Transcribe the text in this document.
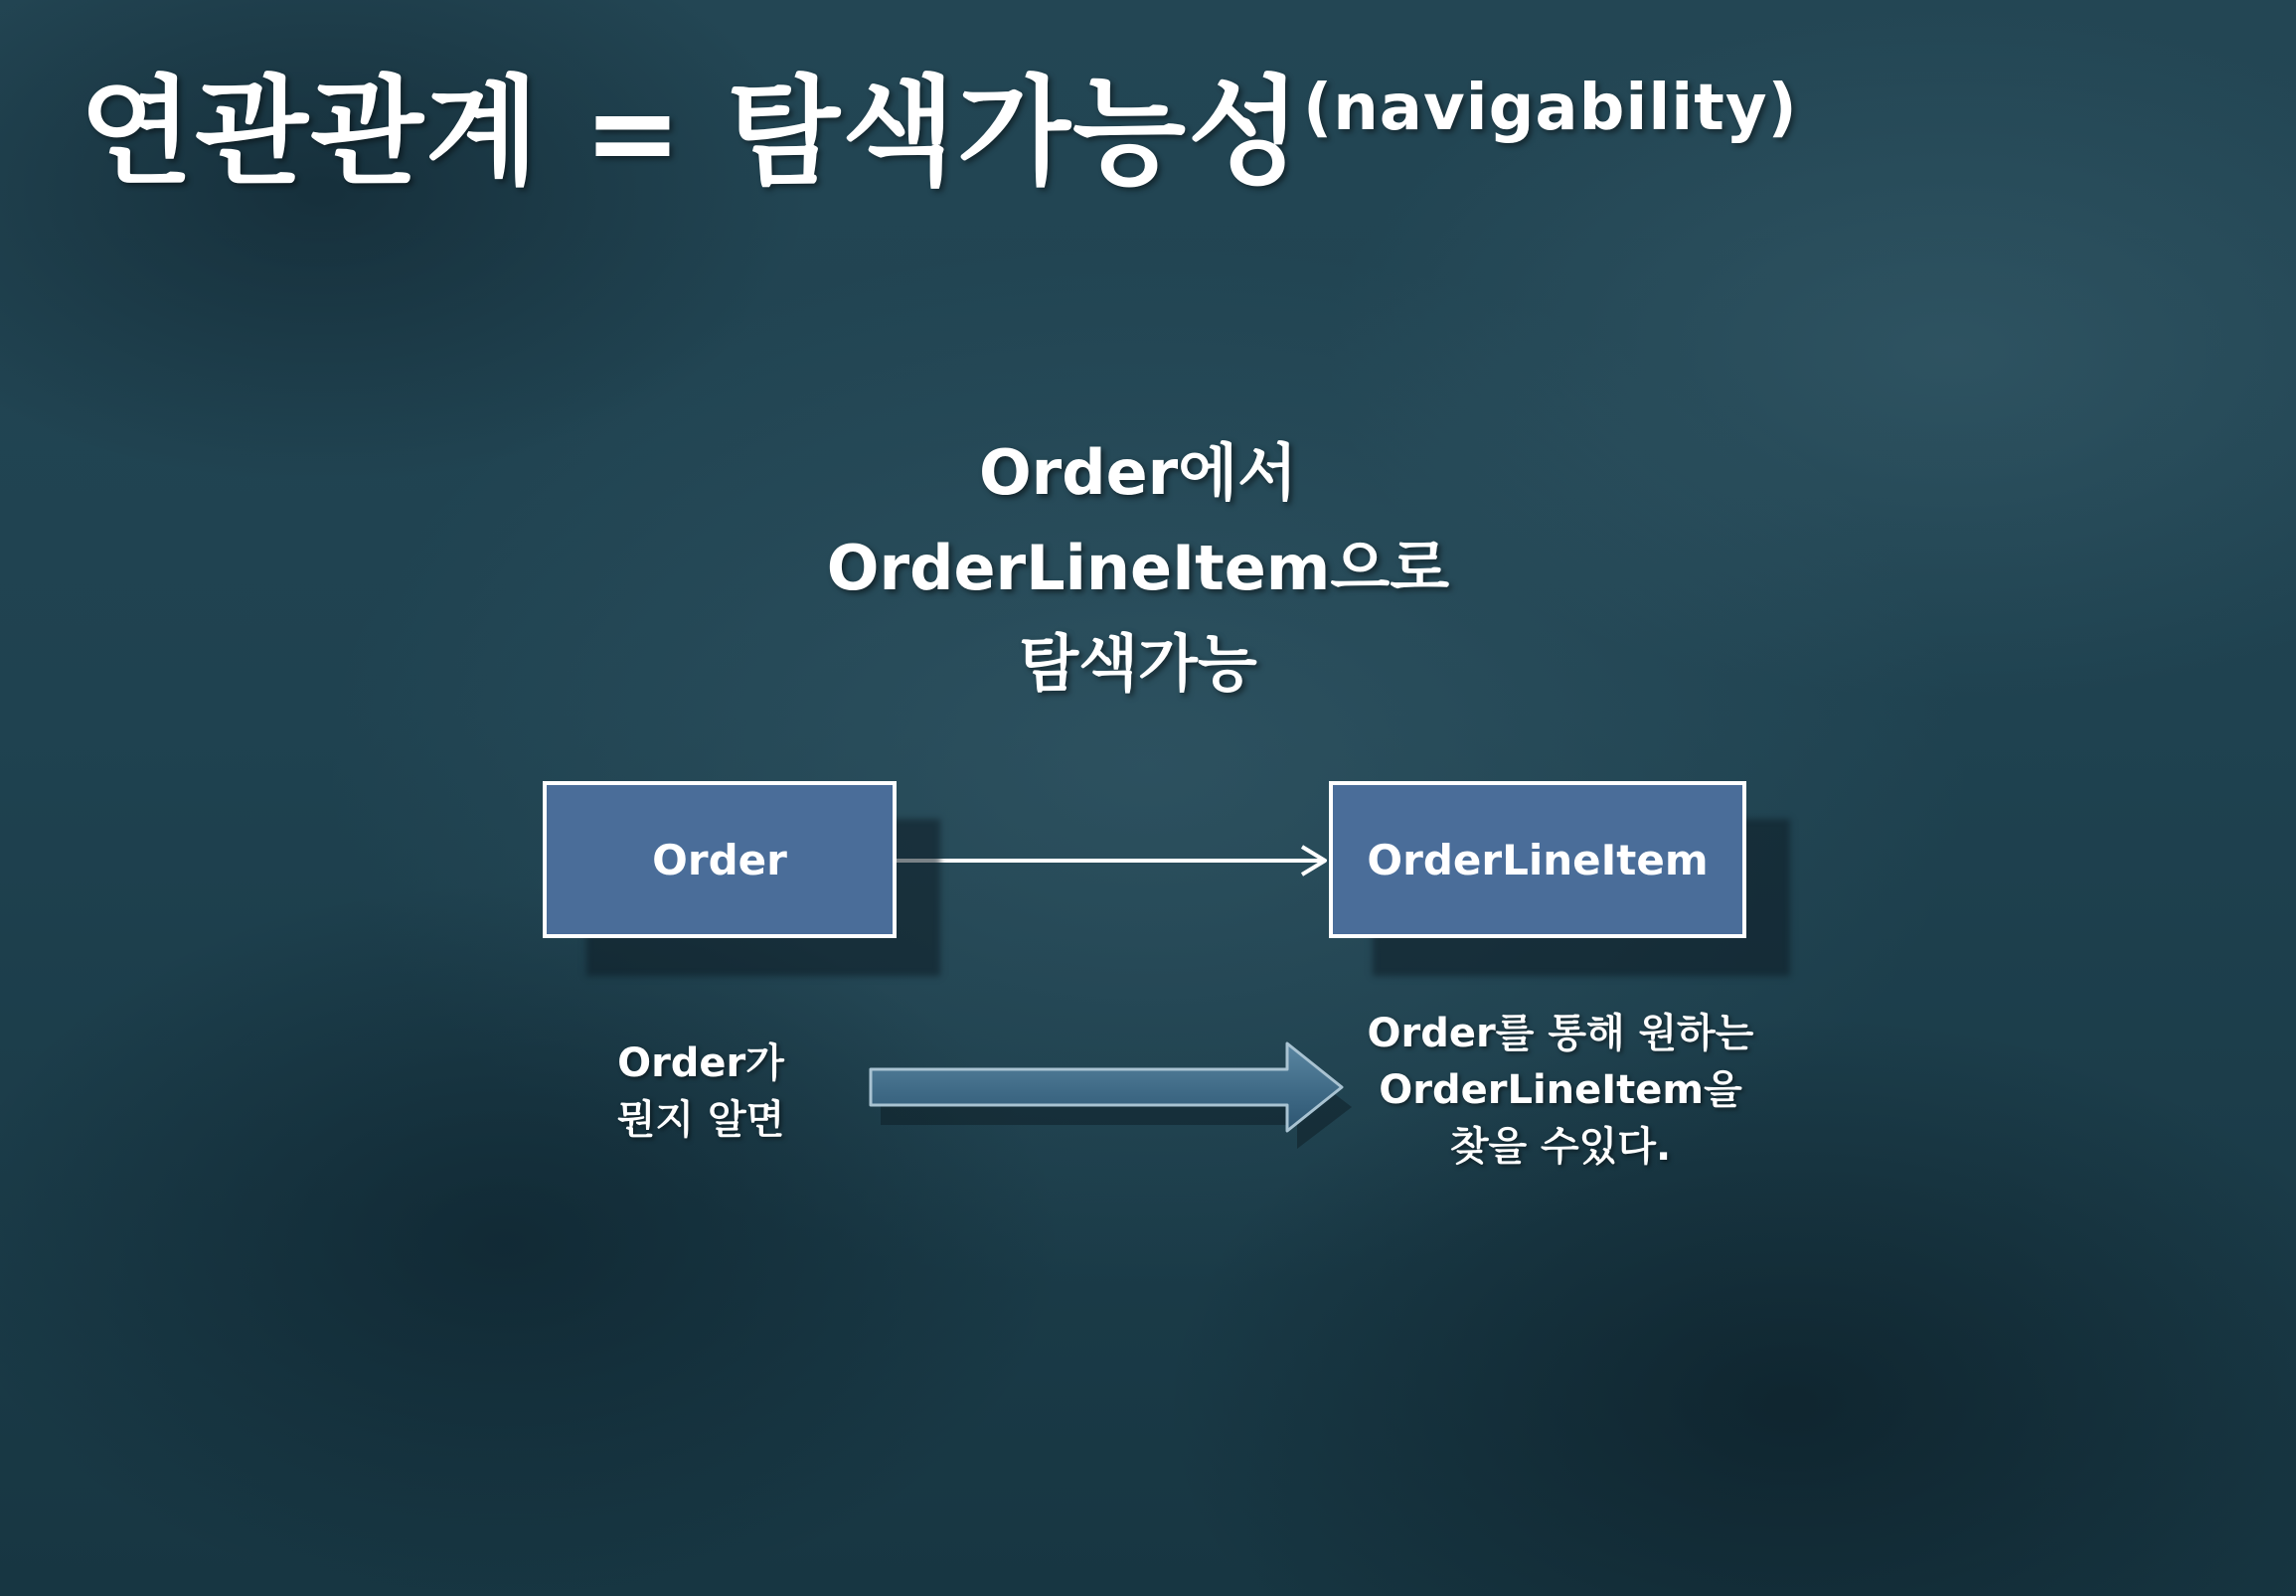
연관관계 = 탐색가능성(navigability)
Order에서
OrderLineItem으로
탐색가능
Order	OrderLineItem
Order가
뭔지 알면
Order를 통해 원하는
OrderLineItem을
찾을 수있다.
